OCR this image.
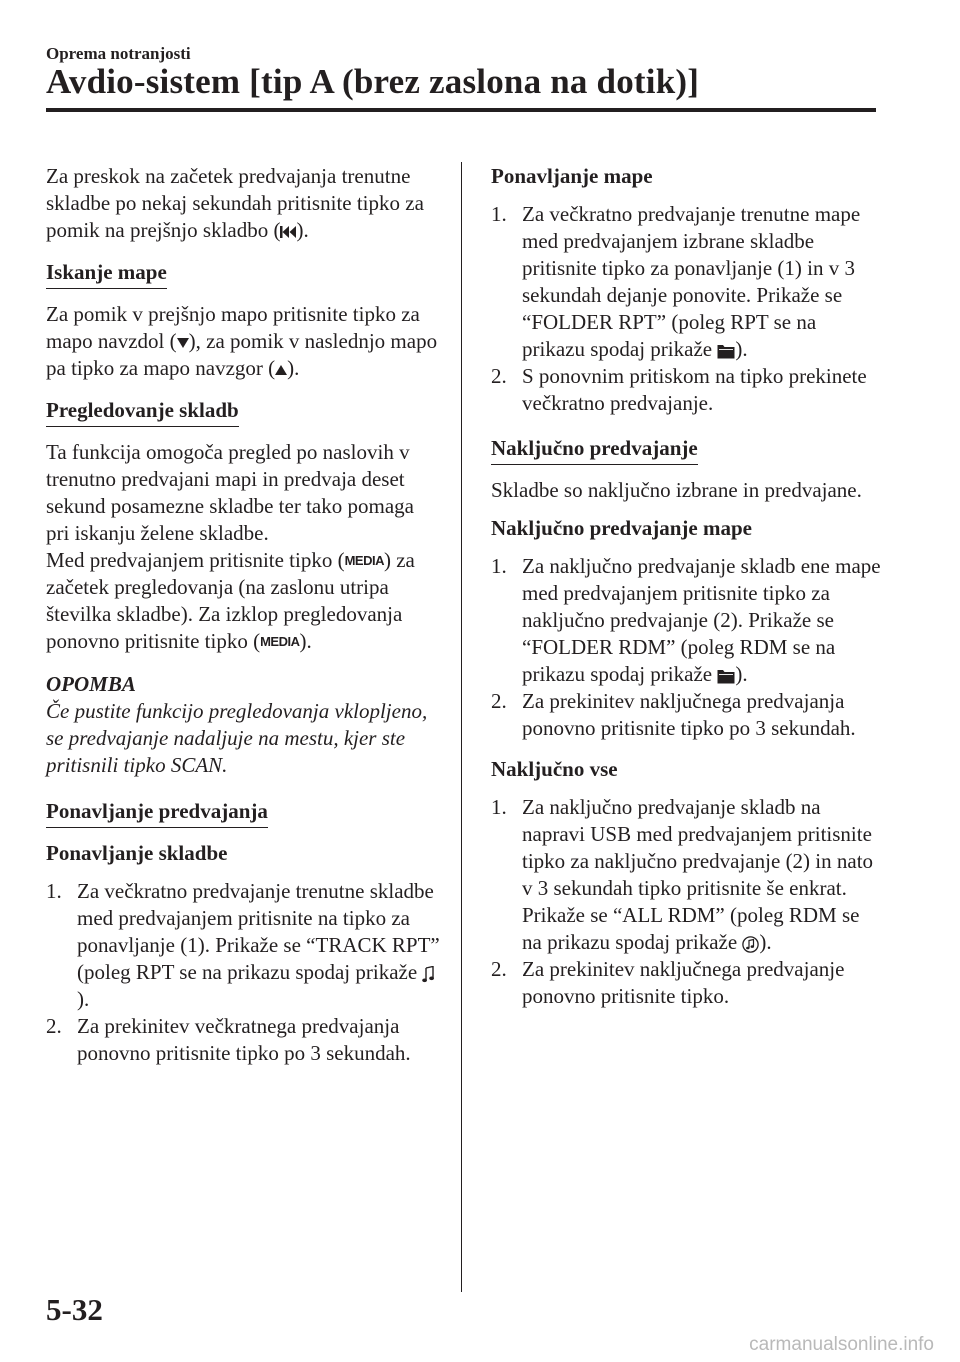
Oprema notranjosti
Avdio-sistem [tip A (brez zaslona na dotik)]

Za preskok na začetek predvajanja trenutne skladbe po nekaj sekundah pritisnite tipko za pomik na prejšnjo skladbo ( ).

Iskanje mape

Za pomik v prejšnjo mapo pritisnite tipko za mapo navzdol ( ), za pomik v naslednjo mapo pa tipko za mapo navzgor ( ).

Pregledovanje skladb

Ta funkcija omogoča pregled po naslovih v trenutno predvajani mapi in predvaja deset sekund posamezne skladbe ter tako pomaga pri iskanju želene skladbe.

Med predvajanjem pritisnite tipko (MEDIA) za začetek pregledovanja (na zaslonu utripa številka skladbe). Za izklop pregledovanja ponovno pritisnite tipko (MEDIA).

OPOMBA

Če pustite funkcijo pregledovanja vklopljeno, se predvajanje nadaljuje na mestu, kjer ste pritisnili tipko SCAN.

Ponavljanje predvajanja
Ponavljanje skladbe
1. Za večkratno predvajanje trenutne skladbe med predvajanjem pritisnite na tipko za ponavljanje (1). Prikaže se “TRACK RPT” (poleg RPT se na prikazu spodaj prikaže ).
2. Za prekinitev večkratnega predvajanja ponovno pritisnite tipko po 3 sekundah.
Ponavljanje mape
1. Za večkratno predvajanje trenutne mape med predvajanjem izbrane skladbe pritisnite tipko za ponavljanje (1) in v 3 sekundah dejanje ponovite. Prikaže se “FOLDER RPT” (poleg RPT se na prikazu spodaj prikaže ).
2. S ponovnim pritiskom na tipko prekinete večkratno predvajanje.
Naključno predvajanje

Skladbe so naključno izbrane in predvajane.

Naključno predvajanje mape
1. Za naključno predvajanje skladb ene mape med predvajanjem pritisnite tipko za naključno predvajanje (2). Prikaže se “FOLDER RDM” (poleg RDM se na prikazu spodaj prikaže ).
2. Za prekinitev naključnega predvajanja ponovno pritisnite tipko po 3 sekundah.
Naključno vse
1. Za naključno predvajanje skladb na napravi USB med predvajanjem pritisnite tipko za naključno predvajanje (2) in nato v 3 sekundah tipko pritisnite še enkrat. Prikaže se “ALL RDM” (poleg RDM se na prikazu spodaj prikaže ).
2. Za prekinitev naključnega predvajanje ponovno pritisnite tipko.
5-32
carmanualsonline.info
